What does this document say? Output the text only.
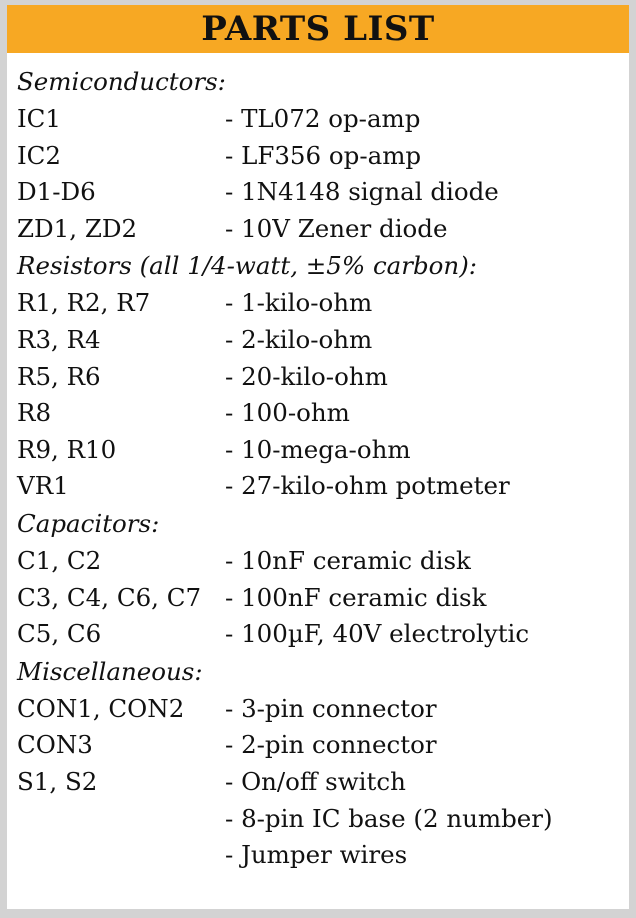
PARTS LIST
Semiconductors:
IC1	- TL072 op-amp
IC2	- LF356 op-amp
D1-D6	- 1N4148 signal diode
ZD1, ZD2	- 10V Zener diode
Resistors (all 1/4-watt, ±5% carbon):
R1, R2, R7	- 1-kilo-ohm
R3, R4	- 2-kilo-ohm
R5, R6	- 20-kilo-ohm
R8	- 100-ohm
R9, R10	- 10-mega-ohm
VR1	- 27-kilo-ohm potmeter
Capacitors:
C1, C2	- 10nF ceramic disk
C3, C4, C6, C7 - 100nF ceramic disk
C5, C6	- 100µF, 40V electrolytic
Miscellaneous:
CON1, CON2	- 3-pin connector
CON3	- 2-pin connector
S1, S2	- On/off switch
- 8-pin IC base (2 number)
- Jumper wires
